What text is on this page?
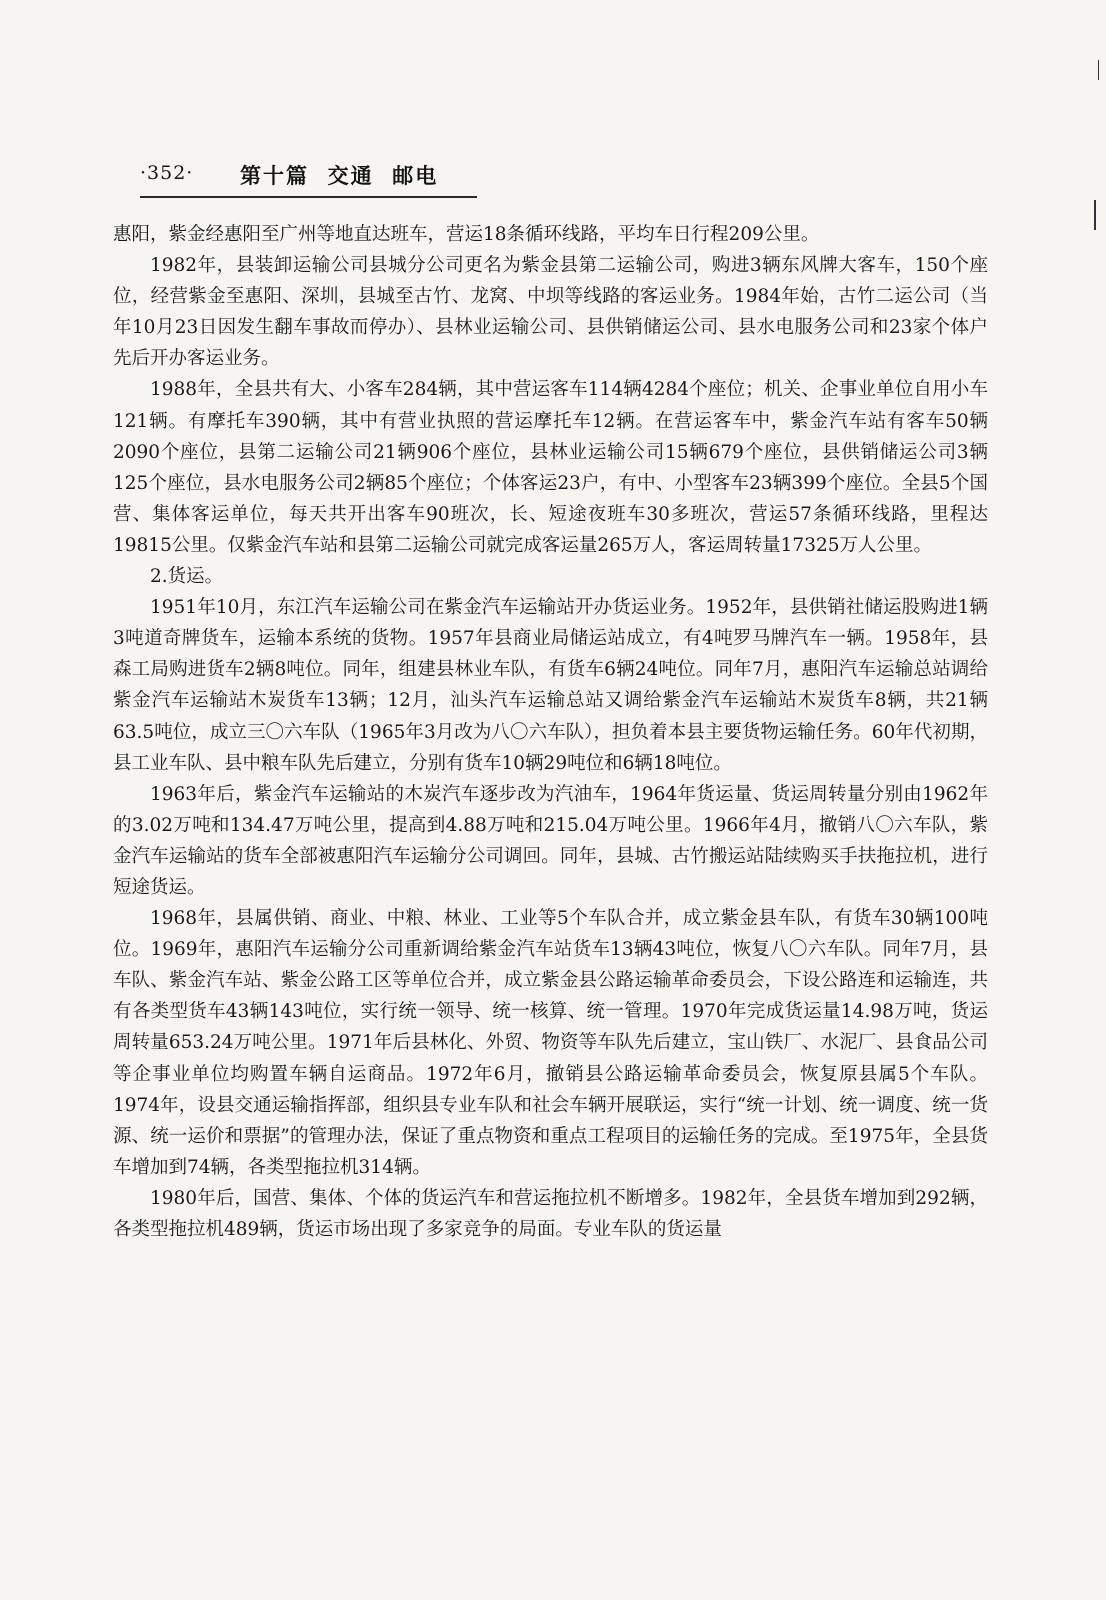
·352· 第十篇  交通  邮电

惠阳，紫金经惠阳至广州等地直达班车，营运18条循环线路，平均车日行程209公里。

1982年，县装卸运输公司县城分公司更名为紫金县第二运输公司，购进3辆东风牌大客车，150个座位，经营紫金至惠阳、深圳，县城至古竹、龙窝、中坝等线路的客运业务。1984年始，古竹二运公司（当年10月23日因发生翻车事故而停办）、县林业运输公司、县供销储运公司、县水电服务公司和23家个体户先后开办客运业务。

1988年，全县共有大、小客车284辆，其中营运客车114辆4284个座位；机关、企事业单位自用小车121辆。有摩托车390辆，其中有营业执照的营运摩托车12辆。在营运客车中，紫金汽车站有客车50辆2090个座位，县第二运输公司21辆906个座位，县林业运输公司15辆679个座位，县供销储运公司3辆125个座位，县水电服务公司2辆85个座位；个体客运23户，有中、小型客车23辆399个座位。全县5个国营、集体客运单位，每天共开出客车90班次，长、短途夜班车30多班次，营运57条循环线路，里程达19815公里。仅紫金汽车站和县第二运输公司就完成客运量265万人，客运周转量17325万人公里。

2.货运。

1951年10月，东江汽车运输公司在紫金汽车运输站开办货运业务。1952年，县供销社储运股购进1辆3吨道奇牌货车，运输本系统的货物。1957年县商业局储运站成立，有4吨罗马牌汽车一辆。1958年，县森工局购进货车2辆8吨位。同年，组建县林业车队，有货车6辆24吨位。同年7月，惠阳汽车运输总站调给紫金汽车运输站木炭货车13辆；12月，汕头汽车运输总站又调给紫金汽车运输站木炭货车8辆，共21辆63.5吨位，成立三〇六车队（1965年3月改为八〇六车队），担负着本县主要货物运输任务。60年代初期，县工业车队、县中粮车队先后建立，分别有货车10辆29吨位和6辆18吨位。

1963年后，紫金汽车运输站的木炭汽车逐步改为汽油车，1964年货运量、货运周转量分别由1962年的3.02万吨和134.47万吨公里，提高到4.88万吨和215.04万吨公里。1966年4月，撤销八〇六车队，紫金汽车运输站的货车全部被惠阳汽车运输分公司调回。同年，县城、古竹搬运站陆续购买手扶拖拉机，进行短途货运。

1968年，县属供销、商业、中粮、林业、工业等5个车队合并，成立紫金县车队，有货车30辆100吨位。1969年，惠阳汽车运输分公司重新调给紫金汽车站货车13辆43吨位，恢复八〇六车队。同年7月，县车队、紫金汽车站、紫金公路工区等单位合并，成立紫金县公路运输革命委员会，下设公路连和运输连，共有各类型货车43辆143吨位，实行统一领导、统一核算、统一管理。1970年完成货运量14.98万吨，货运周转量653.24万吨公里。1971年后县林化、外贸、物资等车队先后建立，宝山铁厂、水泥厂、县食品公司等企事业单位均购置车辆自运商品。1972年6月，撤销县公路运输革命委员会，恢复原县属5个车队。1974年，设县交通运输指挥部，组织县专业车队和社会车辆开展联运，实行“统一计划、统一调度、统一货源、统一运价和票据”的管理办法，保证了重点物资和重点工程项目的运输任务的完成。至1975年，全县货车增加到74辆，各类型拖拉机314辆。

1980年后，国营、集体、个体的货运汽车和营运拖拉机不断增多。1982年，全县货车增加到292辆，各类型拖拉机489辆，货运市场出现了多家竞争的局面。专业车队的货运量
